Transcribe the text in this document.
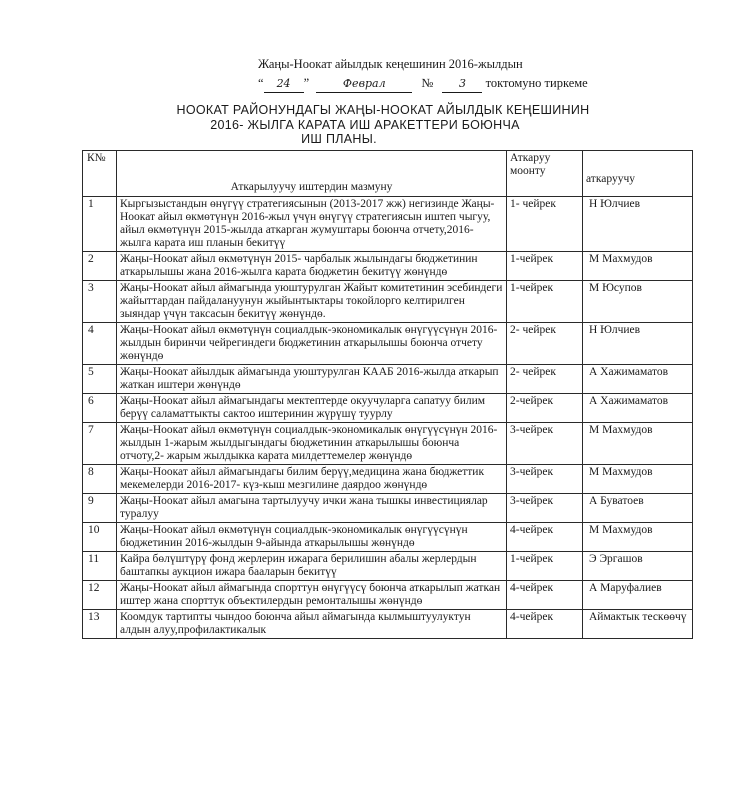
Жаңы-Ноокат айылдык кеңешинин 2016-жылдын
“ 24 ”	Феврал	№ 3 токтомуно тиркеме
НООКАТ РАЙОНУНДАГЫ ЖАҢЫ-НООКАТ АЙЫЛДЫК КЕҢЕШИНИН
2016- ЖЫЛГА КАРАТА ИШ АРАКЕТТЕРИ БОЮНЧА
ИШ ПЛАНЫ.
К№	Аткарылуучу иштердин мазмуну	Аткаруу моонту	аткаруучу
1	Кыргызыстандын өнүгүү стратегиясынын (2013-2017 жж) негизинде Жаңы-Ноокат айыл өкмөтүнүн 2016-жыл үчүн өнүгүү стратегиясын иштеп чыгуу, айыл өкмөтүнүн 2015-жылда аткарган жумуштары боюнча отчету,2016-жылга карата иш планын бекитүү	1- чейрек	Н Юлчиев
2	Жаңы-Ноокат айыл өкмөтүнүн 2015- чарбалык жылындагы бюджетинин аткарылышы жана 2016-жылга карата бюджетин бекитүү жөнүндө	1-чейрек	М Махмудов
3	Жаңы-Ноокат айыл аймагында уюштурулган Жайыт комитетинин эсебиндеги жайыттардан пайдалануунун жыйынтыктары токойлорго келтирилген зыяндар үчүн таксасын бекитүү жөнүндө.	1-чейрек	М Юсупов
4	Жаңы-Ноокат айыл өкмөтүнүн социалдык-экономикалык өнүгүүсүнүн 2016-жылдын биринчи чейрегиндеги бюджетинин аткарылышы боюнча отчету жөнүндө	2- чейрек	Н Юлчиев
5	Жаңы-Ноокат айылдык аймагында уюштурулган КААБ 2016-жылда аткарып жаткан иштери жөнүндө	2- чейрек	А Хажимаматов
6	Жаңы-Ноокат айыл аймагындагы мектептерде окуучуларга сапатуу билим берүү саламаттыкты сактоо иштеринин жүрүшү туурлу	2-чейрек	А Хажимаматов
7	Жаңы-Ноокат айыл өкмөтүнүн социалдык-экономикалык өнүгүүсүнүн 2016-жылдын 1-жарым жылдыгындагы бюджетинин аткарылышы боюнча отчоту,2- жарым жылдыкка карата милдеттемелер жөнүндө	3-чейрек	М Махмудов
8	Жаңы-Ноокат айыл аймагындагы билим берүү,медицина жана бюджеттик мекемелерди 2016-2017- күз-кыш мезгилине даярдоо жөнүндө	3-чейрек	М Махмудов
9	Жаңы-Ноокат айыл амагына тартылуучу ички жана тышкы инвестициялар туралуу	3-чейрек	А Буватоев
10	Жаңы-Ноокат айыл өкмөтүнүн социалдык-экономикалык өнүгүүсүнүн бюджетинин 2016-жылдын 9-айында аткарылышы жөнүндө	4-чейрек	М Махмудов
11	Кайра бөлүштүрү фонд жерлерин ижарага берилишин абалы жерлердын баштапкы аукцион ижара бааларын бекитүү	1-чейрек	Э Эргашов
12	Жаңы-Ноокат айыл аймагында спорттун өнүгүүсү боюнча аткарылып жаткан иштер жана спорттук объектилердын ремонталышы жөнүндө	4-чейрек	А Маруфалиев
13	Коомдук тартипты чындоо боюнча айыл аймагында кылмыштуулуктун алдын алуу,профилактикалык	4-чейрек	Аймактык тескөөчү
